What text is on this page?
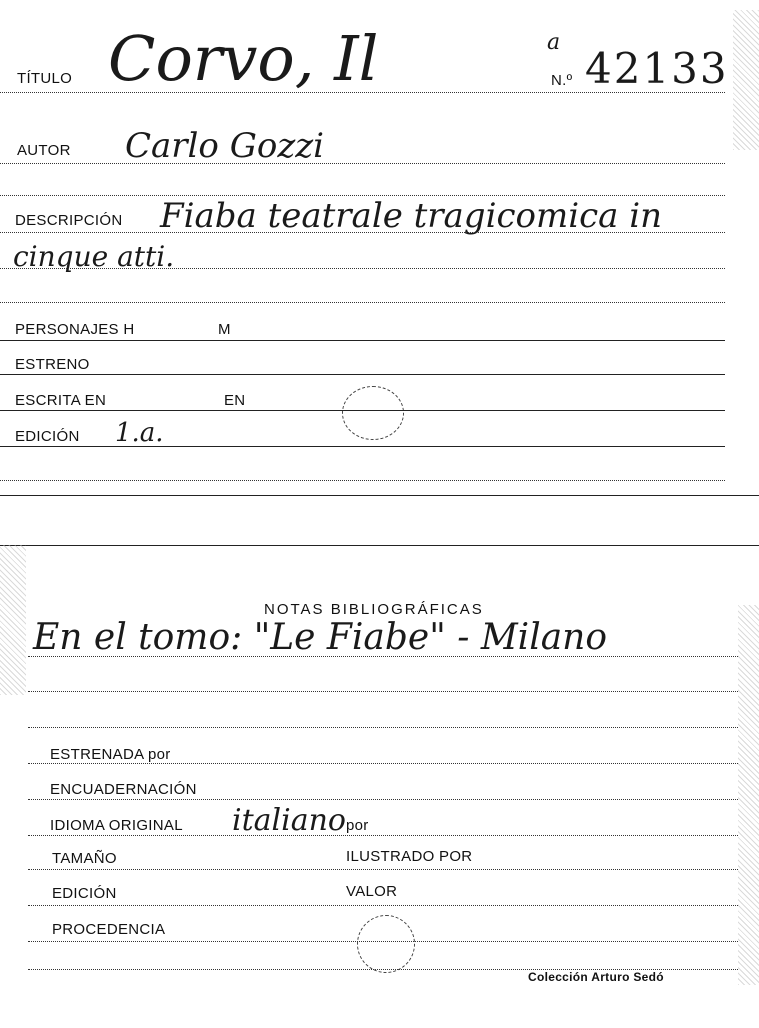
TÍTULO Corvo, Il	a
N.º 42133
AUTOR Carlo Gozzi
DESCRIPCIÓN Fiaba teatrale tragicomica in
cinque atti.
PERSONAJES H	M
ESTRENO
ESCRITA EN	EN
EDICIÓN 1.a.
NOTAS BIBLIOGRÁFICAS
En el tomo: "Le Fiabe" - Milano
ESTRENADA por
ENCUADERNACIÓN
IDIOMA ORIGINAL italiano por
TAMAÑO	ILUSTRADO POR
EDICIÓN	VALOR
PROCEDENCIA
Colección Arturo Sedó
